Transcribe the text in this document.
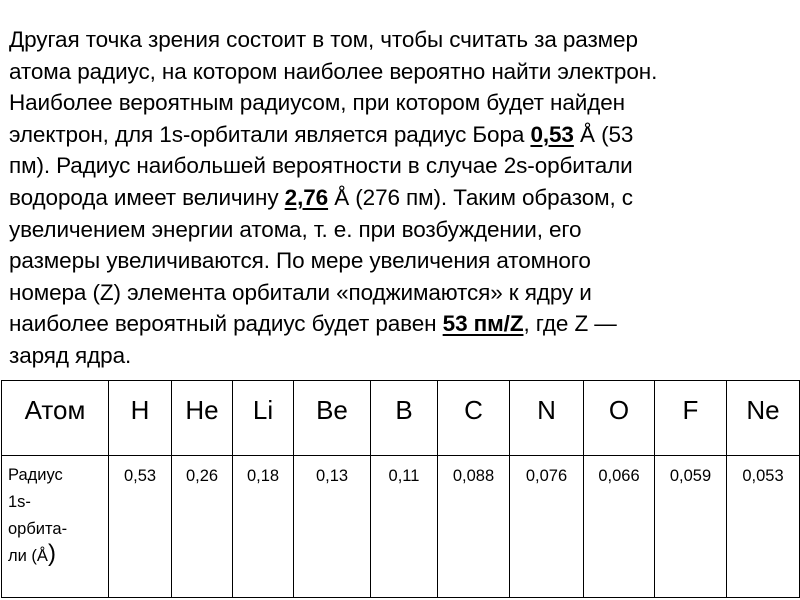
Другая точка зрения состоит в том, чтобы считать за размер
атома радиус, на котором наиболее вероятно найти электрон.
Наиболее вероятным радиусом, при котором будет найден
электрон, для 1s-орбитали является радиус Бора 0,53 Å (53
пм). Радиус наибольшей вероятности в случае 2s-орбитали
водорода имеет величину 2,76 Å (276 пм). Таким образом, с
увеличением энергии атома, т. е. при возбуждении, его
размеры увеличиваются. По мере увеличения атомного
номера (Z) элемента орбитали «поджимаются» к ядру и
наиболее вероятный радиус будет равен 53 пм/Z, где Z —
заряд ядра.
Атом	H	He	Li	Be	B	C	N	O	F	Ne

Радиус
1s-
орбита-
ли (Å)	0,53	0,26	0,18	0,13	0,11	0,088	0,076	0,066	0,059	0,053
